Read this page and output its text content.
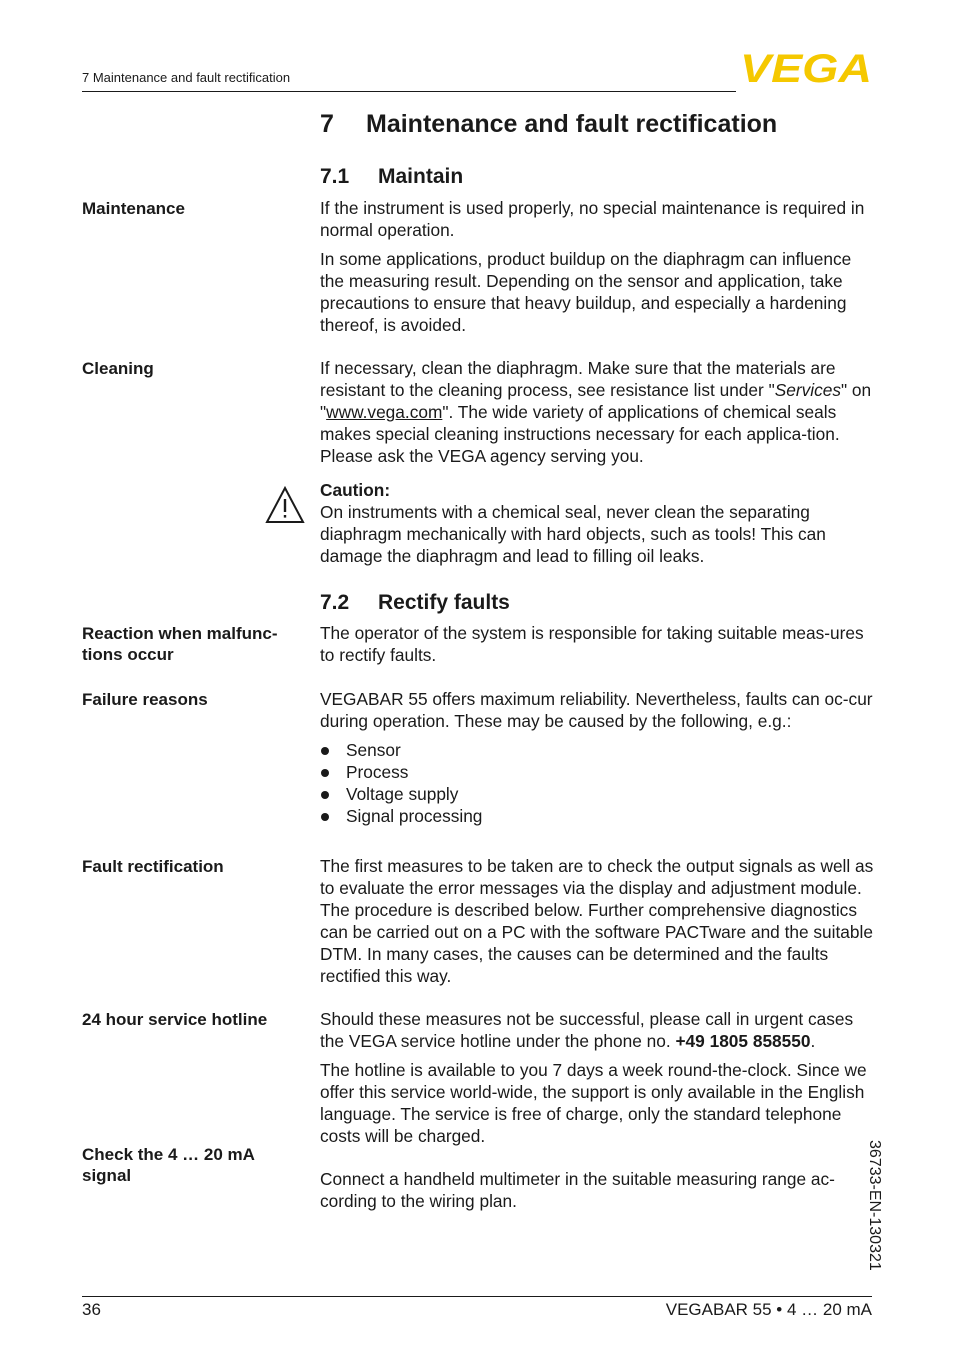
7 Maintenance and fault rectification	VEGA
7 Maintenance and fault rectification
7.1 Maintain
Maintenance	If the instrument is used properly, no special maintenance is required in normal operation.

In some applications, product buildup on the diaphragm can influence the measuring result. Depending on the sensor and application, take precautions to ensure that heavy buildup, and especially a hardening thereof, is avoided.

Cleaning	If necessary, clean the diaphragm. Make sure that the materials are resistant to the cleaning process, see resistance list under "Services" on "www.vega.com". The wide variety of applications of chemical seals makes special cleaning instructions necessary for each applica-tion. Please ask the VEGA agency serving you.

Caution:

On instruments with a chemical seal, never clean the separating diaphragm mechanically with hard objects, such as tools! This can damage the diaphragm and lead to filling oil leaks.

7.2 Rectify faults
Reaction when malfunc-
tions occur

The operator of the system is responsible for taking suitable meas-ures to rectify faults.

Failure reasons	VEGABAR 55 offers maximum reliability. Nevertheless, faults can oc-cur during operation. These may be caused by the following, e.g.:

Sensor
Process
Voltage supply
Signal processing
Fault rectification	The first measures to be taken are to check the output signals as well as to evaluate the error messages via the display and adjustment module. The procedure is described below. Further comprehensive diagnostics can be carried out on a PC with the software PACTware and the suitable DTM. In many cases, the causes can be determined and the faults rectified this way.

24 hour service hotline	Should these measures not be successful, please call in urgent cases the VEGA service hotline under the phone no. +49 1805 858550.

The hotline is available to you 7 days a week round-the-clock. Since we offer this service world-wide, the support is only available in the English language. The service is free of charge, only the standard telephone costs will be charged.

Check the 4 … 20 mA
signal	Connect a handheld multimeter in the suitable measuring range ac-cording to the wiring plan.	36733-EN-130321
36	VEGABAR 55 • 4 … 20 mA
